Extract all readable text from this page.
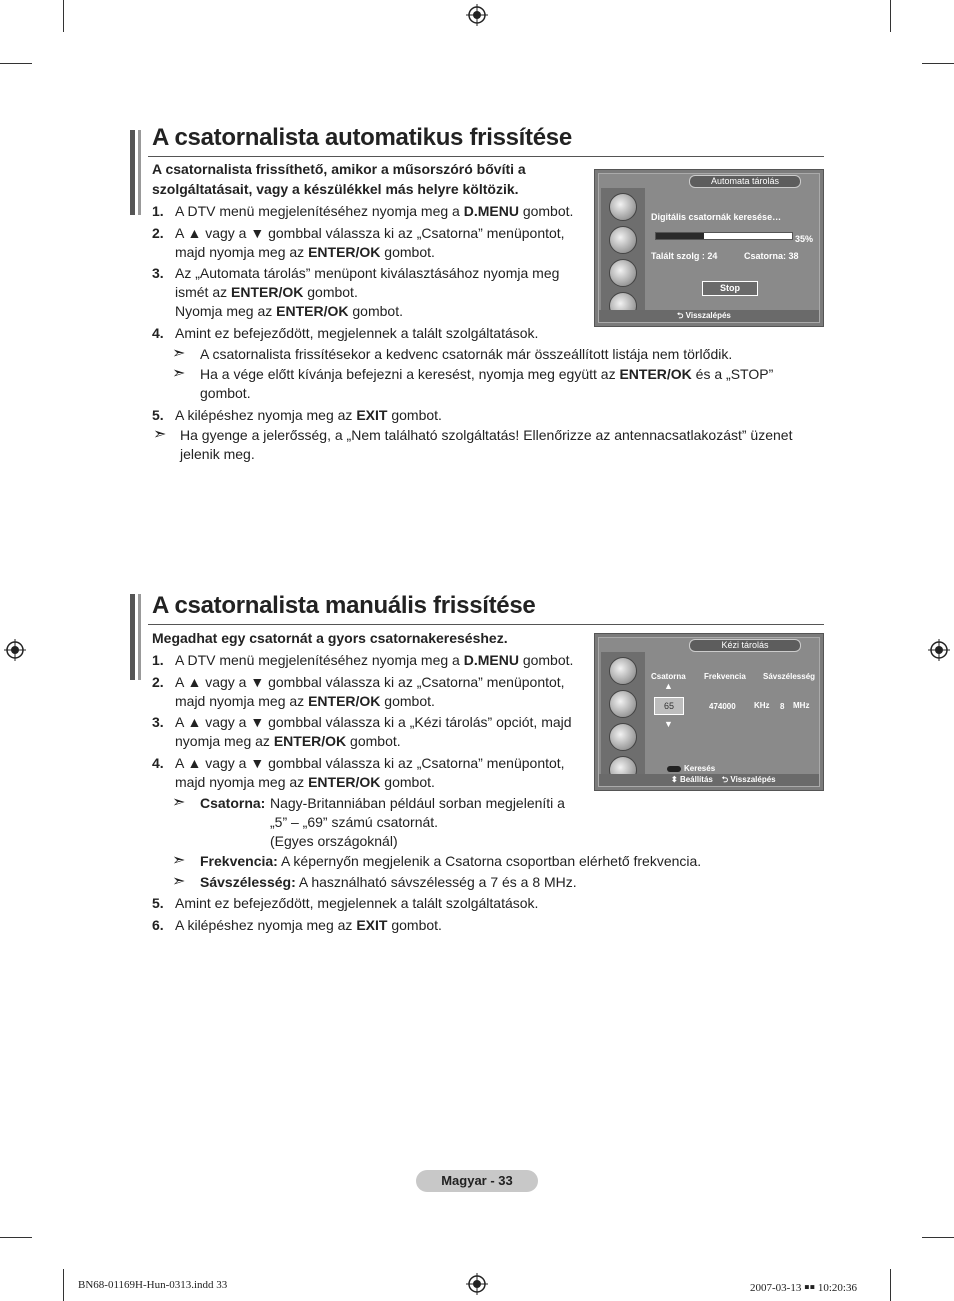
A csatornalista automatikus frissítése
A csatornalista frissíthető, amikor a műsorszóró bővíti a
szolgáltatásait, vagy a készülékkel más helyre költözik.
1. A DTV menü megjelenítéséhez nyomja meg a D.MENU gombot.
2. A ▲ vagy a ▼ gombbal válassza ki az „Csatorna” menüpontot,
majd nyomja meg az ENTER/OK gombot.
3. Az „Automata tárolás” menüpont kiválasztásához nyomja meg
ismét az ENTER/OK gombot.
Nyomja meg az ENTER/OK gombot.
4. Amint ez befejeződött, megjelennek a talált szolgáltatások.
➣ A csatornalista frissítésekor a kedvenc csatornák már összeállított listája nem törlődik.
➣ Ha a vége előtt kívánja befejezni a keresést, nyomja meg együtt az ENTER/OK és a „STOP”
gombot.
5. A kilépéshez nyomja meg az EXIT gombot.
➣ Ha gyenge a jelerősség, a „Nem található szolgáltatás! Ellenőrizze az antennacsatlakozást” üzenet
jelenik meg.
Automata tárolás
Digitális csatornák keresése…
35%
Talált szolg : 24	Csatorna: 38
Stop
⮌ Visszalépés
A csatornalista manuális frissítése
Megadhat egy csatornát a gyors csatornakereséshez.
1. A DTV menü megjelenítéséhez nyomja meg a D.MENU gombot.
2. A ▲ vagy a ▼ gombbal válassza ki az „Csatorna” menüpontot,
majd nyomja meg az ENTER/OK gombot.
3. A ▲ vagy a ▼ gombbal válassza ki a „Kézi tárolás” opciót, majd
nyomja meg az ENTER/OK gombot.
4. A ▲ vagy a ▼ gombbal válassza ki az „Csatorna” menüpontot,
majd nyomja meg az ENTER/OK gombot.
➣ Csatorna: Nagy-Britanniában például sorban megjeleníti a
„5” – „69” számú csatornát.
(Egyes országoknál)
➣ Frekvencia: A képernyőn megjelenik a Csatorna csoportban elérhető frekvencia.
➣ Sávszélesség: A használható sávszélesség a 7 és a 8 MHz.
5. Amint ez befejeződött, megjelennek a talált szolgáltatások.
6. A kilépéshez nyomja meg az EXIT gombot.
Kézi tárolás
Csatorna Frekvencia Sávszélesség
▲
65
▼
474000 KHz 8 MHz
Keresés
⬍ Beállítás ⮌ Visszalépés
Magyar - 33
BN68-01169H-Hun-0313.indd 33	2007-03-13 ￭￭ 10:20:36
